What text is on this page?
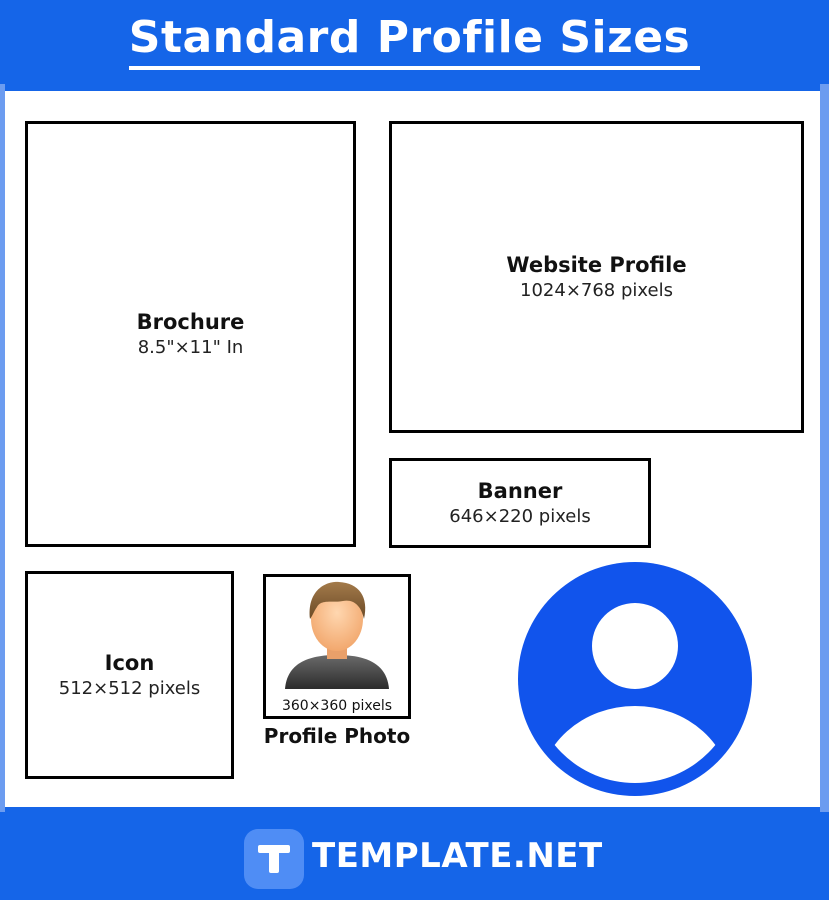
Standard Profile Sizes
Brochure
8.5"×11" In
Website Profile
1024×768 pixels
Banner
646×220 pixels
Icon
512×512 pixels
360×360 pixels
Profile Photo
TEMPLATE.NET
